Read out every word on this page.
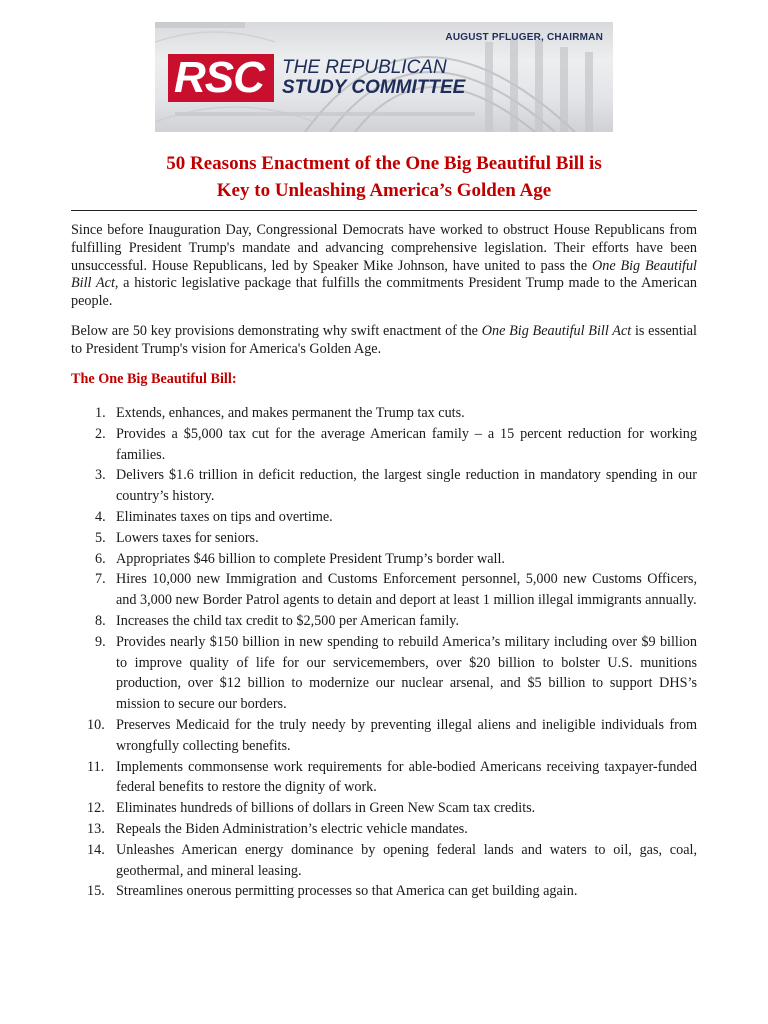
AUGUST PFLUGER, CHAIRMAN
RSC THE REPUBLICAN
STUDY COMMITTEE
50 Reasons Enactment of the One Big Beautiful Bill is
Key to Unleashing America’s Golden Age
Since before Inauguration Day, Congressional Democrats have worked to obstruct House Republicans from fulfilling President Trump's mandate and advancing comprehensive legislation. Their efforts have been unsuccessful. House Republicans, led by Speaker Mike Johnson, have united to pass the One Big Beautiful Bill Act, a historic legislative package that fulfills the commitments President Trump made to the American people.
Below are 50 key provisions demonstrating why swift enactment of the One Big Beautiful Bill Act is essential to President Trump's vision for America's Golden Age.
The One Big Beautiful Bill:
1. Extends, enhances, and makes permanent the Trump tax cuts.
2. Provides a $5,000 tax cut for the average American family – a 15 percent reduction for working families.
3. Delivers $1.6 trillion in deficit reduction, the largest single reduction in mandatory spending in our country’s history.
4. Eliminates taxes on tips and overtime.
5. Lowers taxes for seniors.
6. Appropriates $46 billion to complete President Trump’s border wall.
7. Hires 10,000 new Immigration and Customs Enforcement personnel, 5,000 new Customs Officers, and 3,000 new Border Patrol agents to detain and deport at least 1 million illegal immigrants annually.
8. Increases the child tax credit to $2,500 per American family.
9. Provides nearly $150 billion in new spending to rebuild America’s military including over $9 billion to improve quality of life for our servicemembers, over $20 billion to bolster U.S. munitions production, over $12 billion to modernize our nuclear arsenal, and $5 billion to support DHS’s mission to secure our borders.
10. Preserves Medicaid for the truly needy by preventing illegal aliens and ineligible individuals from wrongfully collecting benefits.
11. Implements commonsense work requirements for able-bodied Americans receiving taxpayer-funded federal benefits to restore the dignity of work.
12. Eliminates hundreds of billions of dollars in Green New Scam tax credits.
13. Repeals the Biden Administration’s electric vehicle mandates.
14. Unleashes American energy dominance by opening federal lands and waters to oil, gas, coal, geothermal, and mineral leasing.
15. Streamlines onerous permitting processes so that America can get building again.
